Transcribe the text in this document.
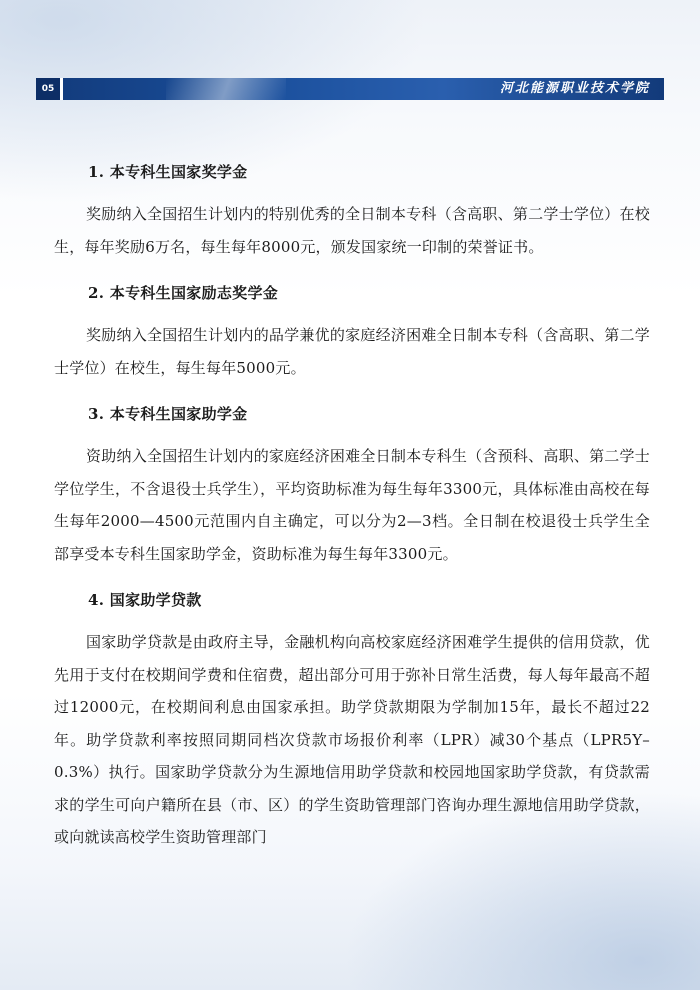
05	河北能源职业技术学院
1. 本专科生国家奖学金

奖励纳入全国招生计划内的特别优秀的全日制本专科（含高职、第二学士学位）在校生，每年奖励6万名，每生每年8000元，颁发国家统一印制的荣誉证书。

2. 本专科生国家励志奖学金

奖励纳入全国招生计划内的品学兼优的家庭经济困难全日制本专科（含高职、第二学士学位）在校生，每生每年5000元。

3. 本专科生国家助学金

资助纳入全国招生计划内的家庭经济困难全日制本专科生（含预科、高职、第二学士学位学生，不含退役士兵学生），平均资助标准为每生每年3300元，具体标准由高校在每生每年2000—4500元范围内自主确定，可以分为2—3档。全日制在校退役士兵学生全部享受本专科生国家助学金，资助标准为每生每年3300元。

4. 国家助学贷款

国家助学贷款是由政府主导，金融机构向高校家庭经济困难学生提供的信用贷款，优先用于支付在校期间学费和住宿费，超出部分可用于弥补日常生活费，每人每年最高不超过12000元，在校期间利息由国家承担。助学贷款期限为学制加15年，最长不超过22年。助学贷款利率按照同期同档次贷款市场报价利率（LPR）减30个基点（LPR5Y–0.3%）执行。国家助学贷款分为生源地信用助学贷款和校园地国家助学贷款，有贷款需求的学生可向户籍所在县（市、区）的学生资助管理部门咨询办理生源地信用助学贷款，或向就读高校学生资助管理部门
